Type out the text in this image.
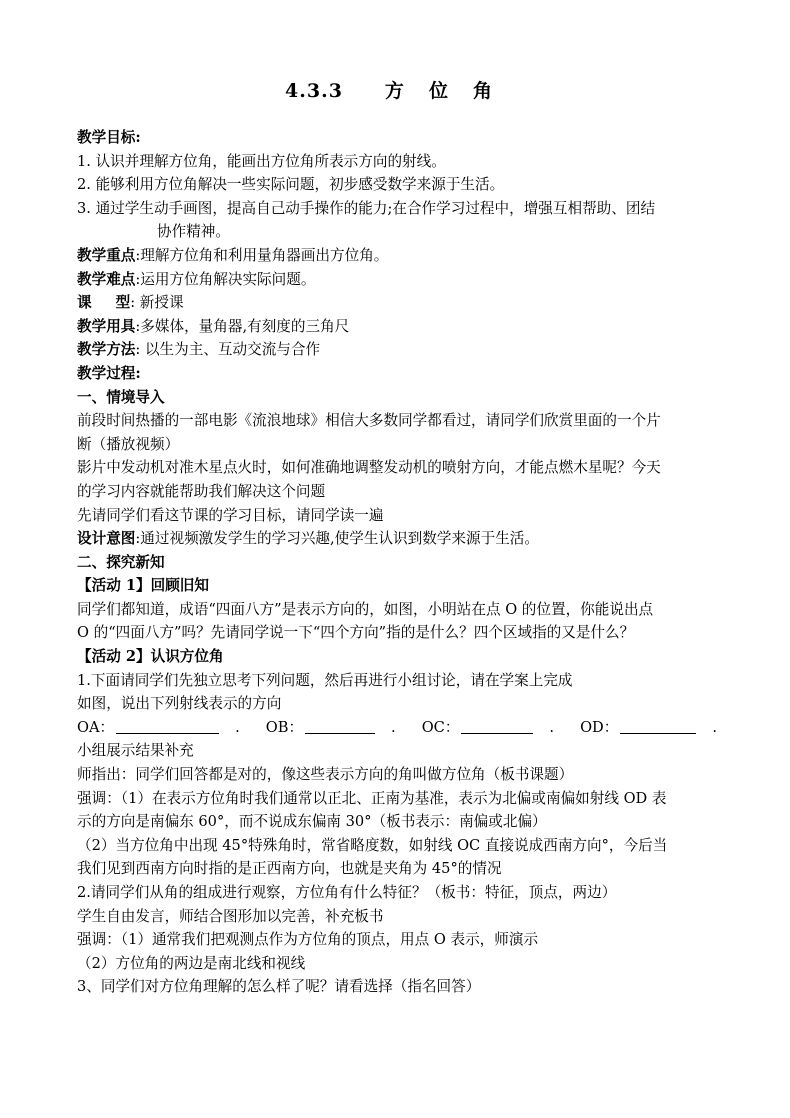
4.3.3 方 位 角
教学目标:
1. 认识并理解方位角，能画出方位角所表示方向的射线。
2. 能够利用方位角解决一些实际问题，初步感受数学来源于生活。
3. 通过学生动手画图，提高自己动手操作的能力;在合作学习过程中，增强互相帮助、团结
协作精神。
教学重点:理解方位角和利用量角器画出方位角。
教学难点:运用方位角解决实际问题。
课 型: 新授课
教学用具:多媒体，量角器,有刻度的三角尺
教学方法: 以生为主、互动交流与合作
教学过程:
一、情境导入
前段时间热播的一部电影《流浪地球》相信大多数同学都看过，请同学们欣赏里面的一个片
断（播放视频）
影片中发动机对准木星点火时，如何准确地调整发动机的喷射方向，才能点燃木星呢？今天
的学习内容就能帮助我们解决这个问题
先请同学们看这节课的学习目标，请同学读一遍
设计意图:通过视频激发学生的学习兴趣,使学生认识到数学来源于生活。
二、探究新知
【活动 1】回顾旧知
同学们都知道，成语“四面八方”是表示方向的，如图，小明站在点 O 的位置，你能说出点
O 的“四面八方”吗？先请同学说一下“四个方向”指的是什么？四个区域指的又是什么？
【活动 2】认识方位角
1.下面请同学们先独立思考下列问题，然后再进行小组讨论，请在学案上完成
如图，说出下列射线表示的方向
OA：	. OB：	. OC：	. OD：	.
小组展示结果补充
师指出：同学们回答都是对的，像这些表示方向的角叫做方位角（板书课题）
强调：（1）在表示方位角时我们通常以正北、正南为基准，表示为北偏或南偏如射线 OD 表
示的方向是南偏东 60°，而不说成东偏南 30°（板书表示：南偏或北偏）
（2）当方位角中出现 45°特殊角时，常省略度数，如射线 OC 直接说成西南方向°，今后当
我们见到西南方向时指的是正西南方向，也就是夹角为 45°的情况
2.请同学们从角的组成进行观察，方位角有什么特征？（板书：特征，顶点，两边）
学生自由发言，师结合图形加以完善，补充板书
强调：（1）通常我们把观测点作为方位角的顶点，用点 O 表示，师演示
（2）方位角的两边是南北线和视线
3、同学们对方位角理解的怎么样了呢？请看选择（指名回答）
